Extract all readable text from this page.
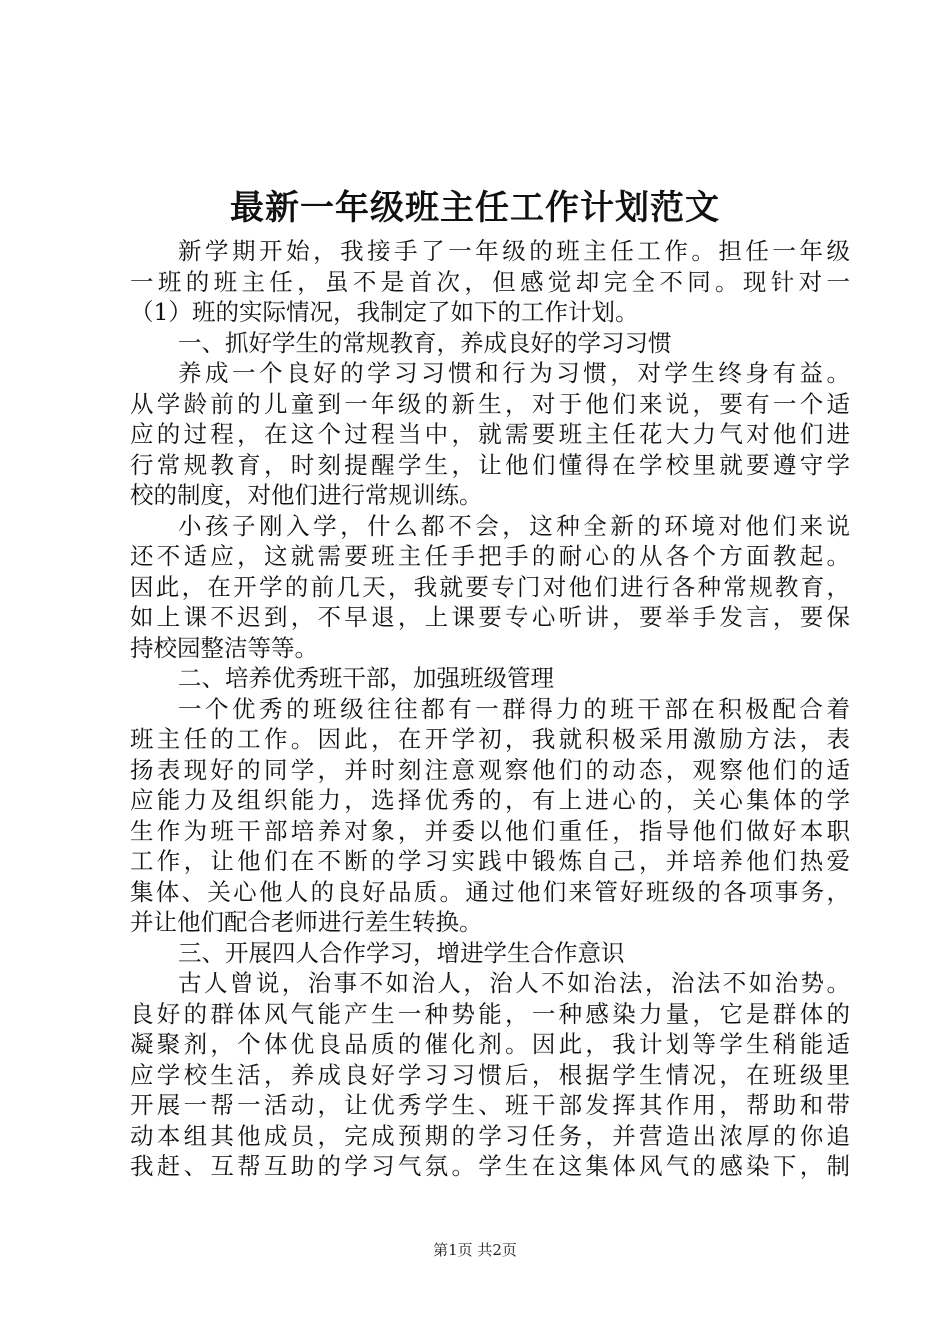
最新一年级班主任工作计划范文
新学期开始，我接手了一年级的班主任工作。担任一年级
一班的班主任，虽不是首次，但感觉却完全不同。现针对一
（1）班的实际情况，我制定了如下的工作计划。
一、抓好学生的常规教育，养成良好的学习习惯
养成一个良好的学习习惯和行为习惯，对学生终身有益。
从学龄前的儿童到一年级的新生，对于他们来说，要有一个适
应的过程，在这个过程当中，就需要班主任花大力气对他们进
行常规教育，时刻提醒学生，让他们懂得在学校里就要遵守学
校的制度，对他们进行常规训练。
小孩子刚入学，什么都不会，这种全新的环境对他们来说
还不适应，这就需要班主任手把手的耐心的从各个方面教起。
因此，在开学的前几天，我就要专门对他们进行各种常规教育，
如上课不迟到，不早退，上课要专心听讲，要举手发言，要保
持校园整洁等等。
二、培养优秀班干部，加强班级管理
一个优秀的班级往往都有一群得力的班干部在积极配合着
班主任的工作。因此，在开学初，我就积极采用激励方法，表
扬表现好的同学，并时刻注意观察他们的动态，观察他们的适
应能力及组织能力，选择优秀的，有上进心的，关心集体的学
生作为班干部培养对象，并委以他们重任，指导他们做好本职
工作，让他们在不断的学习实践中锻炼自己，并培养他们热爱
集体、关心他人的良好品质。通过他们来管好班级的各项事务，
并让他们配合老师进行差生转换。
三、开展四人合作学习，增进学生合作意识
古人曾说，治事不如治人，治人不如治法，治法不如治势。
良好的群体风气能产生一种势能，一种感染力量，它是群体的
凝聚剂，个体优良品质的催化剂。因此，我计划等学生稍能适
应学校生活，养成良好学习习惯后，根据学生情况，在班级里
开展一帮一活动，让优秀学生、班干部发挥其作用，帮助和带
动本组其他成员，完成预期的学习任务，并营造出浓厚的你追
我赶、互帮互助的学习气氛。学生在这集体风气的感染下，制
第1页 共2页
